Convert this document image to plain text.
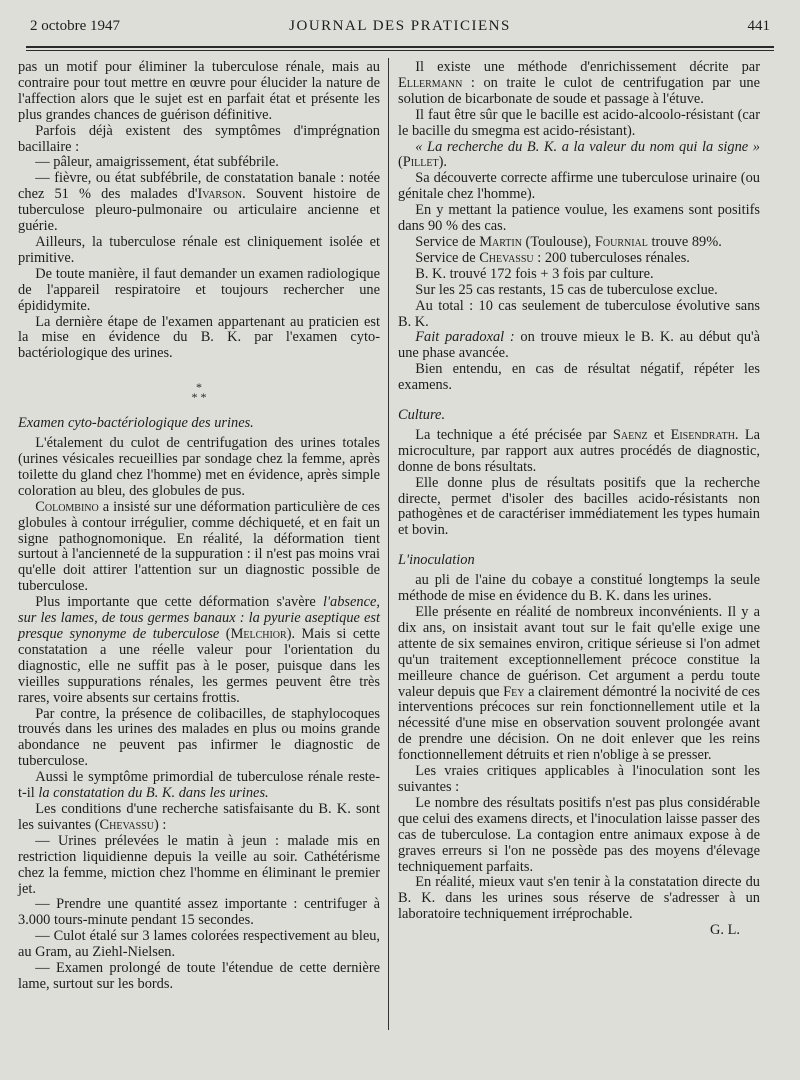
2 octobre 1947	JOURNAL DES PRATICIENS	441

pas un motif pour éliminer la tuberculose rénale, mais au contraire pour tout mettre en œuvre pour élucider la nature de l'affection alors que le sujet est en parfait état et présente les plus grandes chances de guérison définitive.

Parfois déjà existent des symptômes d'imprégnation bacillaire :

— pâleur, amaigrissement, état subfébrile.

— fièvre, ou état subfébrile, de constatation banale : notée chez 51 % des malades d'Ivarson. Souvent histoire de tuberculose pleuro-pulmonaire ou articulaire ancienne et guérie.

Ailleurs, la tuberculose rénale est cliniquement isolée et primitive.

De toute manière, il faut demander un examen radiologique de l'appareil respiratoire et toujours rechercher une épididymite.

La dernière étape de l'examen appartenant au praticien est la mise en évidence du B. K. par l'examen cyto-bactériologique des urines.

*
* *

Examen cyto-bactériologique des urines.

L'étalement du culot de centrifugation des urines totales (urines vésicales recueillies par sondage chez la femme, après toilette du gland chez l'homme) met en évidence, après simple coloration au bleu, des globules de pus.

Colombino a insisté sur une déformation particulière de ces globules à contour irrégulier, comme déchiqueté, et en fait un signe pathognomonique. En réalité, la déformation tient surtout à l'ancienneté de la suppuration : il n'est pas moins vrai qu'elle doit attirer l'attention sur un diagnostic possible de tuberculose.

Plus importante que cette déformation s'avère l'absence, sur les lames, de tous germes banaux : la pyurie aseptique est presque synonyme de tuberculose (Melchior). Mais si cette constatation a une réelle valeur pour l'orientation du diagnostic, elle ne suffit pas à le poser, puisque dans les vieilles suppurations rénales, les germes peuvent être très rares, voire absents sur certains frottis.

Par contre, la présence de colibacilles, de staphylocoques trouvés dans les urines des malades en plus ou moins grande abondance ne peuvent pas infirmer le diagnostic de tuberculose.

Aussi le symptôme primordial de tuberculose rénale reste-t-il la constatation du B. K. dans les urines.

Les conditions d'une recherche satisfaisante du B. K. sont les suivantes (Chevassu) :

— Urines prélevées le matin à jeun : malade mis en restriction liquidienne depuis la veille au soir. Cathétérisme chez la femme, miction chez l'homme en éliminant le premier jet.

— Prendre une quantité assez importante : centrifuger à 3.000 tours-minute pendant 15 secondes.

— Culot étalé sur 3 lames colorées respectivement au bleu, au Gram, au Ziehl-Nielsen.

— Examen prolongé de toute l'étendue de cette dernière lame, surtout sur les bords.

Il existe une méthode d'enrichissement décrite par Ellermann : on traite le culot de centrifugation par une solution de bicarbonate de soude et passage à l'étuve.

Il faut être sûr que le bacille est acido-alcoolo-résistant (car le bacille du smegma est acido-résistant).

« La recherche du B. K. a la valeur du nom qui la signe » (Pillet).

Sa découverte correcte affirme une tuberculose urinaire (ou génitale chez l'homme).

En y mettant la patience voulue, les examens sont positifs dans 90 % des cas.

Service de Martin (Toulouse), Fournial trouve 89%.

Service de Chevassu : 200 tuberculoses rénales.

B. K. trouvé 172 fois + 3 fois par culture.

Sur les 25 cas restants, 15 cas de tuberculose exclue.

Au total : 10 cas seulement de tuberculose évolutive sans B. K.

Fait paradoxal : on trouve mieux le B. K. au début qu'à une phase avancée.

Bien entendu, en cas de résultat négatif, répéter les examens.

Culture.

La technique a été précisée par Saenz et Eisendrath. La microculture, par rapport aux autres procédés de diagnostic, donne de bons résultats.

Elle donne plus de résultats positifs que la recherche directe, permet d'isoler des bacilles acido-résistants non pathogènes et de caractériser immédiatement les types humain et bovin.

L'inoculation

au pli de l'aine du cobaye a constitué longtemps la seule méthode de mise en évidence du B. K. dans les urines.

Elle présente en réalité de nombreux inconvénients. Il y a dix ans, on insistait avant tout sur le fait qu'elle exige une attente de six semaines environ, critique sérieuse si l'on admet qu'un traitement exceptionnellement précoce constitue la meilleure chance de guérison. Cet argument a perdu toute valeur depuis que Fey a clairement démontré la nocivité de ces interventions précoces sur rein fonctionnellement utile et la nécessité d'une mise en observation souvent prolongée avant de prendre une décision. On ne doit enlever que les reins fonctionnellement détruits et rien n'oblige à se presser.

Les vraies critiques applicables à l'inoculation sont les suivantes :

Le nombre des résultats positifs n'est pas plus considérable que celui des examens directs, et l'inoculation laisse passer des cas de tuberculose. La contagion entre animaux expose à de graves erreurs si l'on ne possède pas des moyens d'élevage techniquement parfaits.

En réalité, mieux vaut s'en tenir à la constatation directe du B. K. dans les urines sous réserve de s'adresser à un laboratoire techniquement irréprochable.

G. L.
